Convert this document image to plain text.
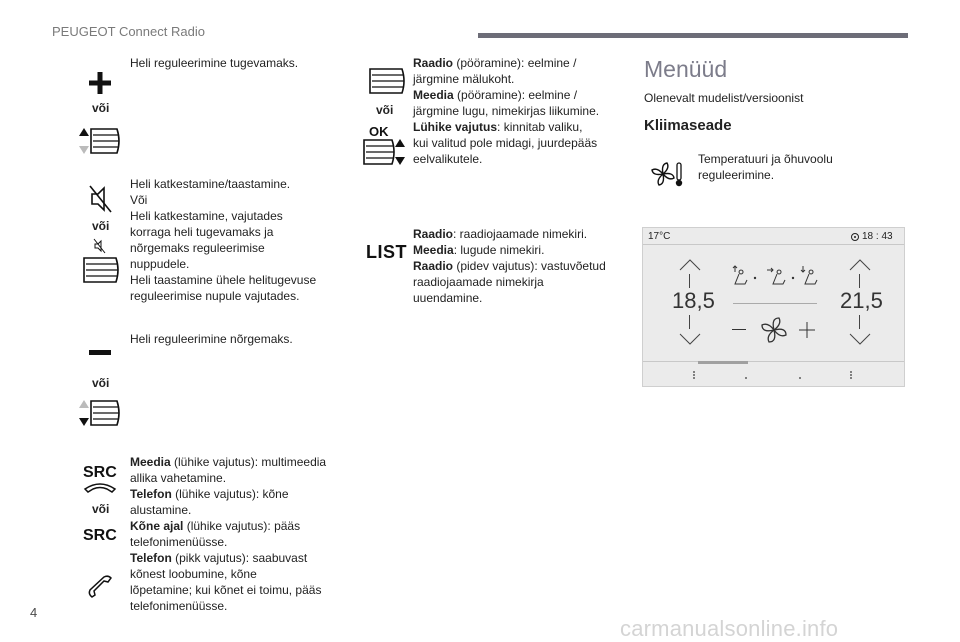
PEUGEOT Connect Radio
või
Heli reguleerimine tugevamaks.
või
Heli katkestamine/taastamine.
Või
Heli katkestamine, vajutades
korraga heli tugevamaks ja
nõrgemaks reguleerimise
nuppudele.
Heli taastamine ühele helitugevuse
reguleerimise nupule vajutades.
või
Heli reguleerimine nõrgemaks.
SRC
või
SRC
Meedia (lühike vajutus): multimeedia
allika vahetamine.
Telefon (lühike vajutus): kõne
alustamine.
Kõne ajal (lühike vajutus): pääs
telefonimenüüsse.
Telefon (pikk vajutus): saabuvast
kõnest loobumine, kõne
lõpetamine; kui kõnet ei toimu, pääs
telefonimenüüsse.
või
OK
Raadio (pööramine): eelmine /
järgmine mälukoht.
Meedia (pööramine): eelmine /
järgmine lugu, nimekirjas liikumine.
Lühike vajutus: kinnitab valiku,
kui valitud pole midagi, juurdepääs
eelvalikutele.
LIST
Raadio: raadiojaamade nimekiri.
Meedia: lugude nimekiri.
Raadio (pidev vajutus): vastuvõetud
raadiojaamade nimekirja
uuendamine.
Menüüd
Olenevalt mudelist/versioonist
Kliimaseade
Temperatuuri ja õhuvoolu
reguleerimine.
17°C	18 : 43
18,5	21,5
4
carmanualsonline.info
